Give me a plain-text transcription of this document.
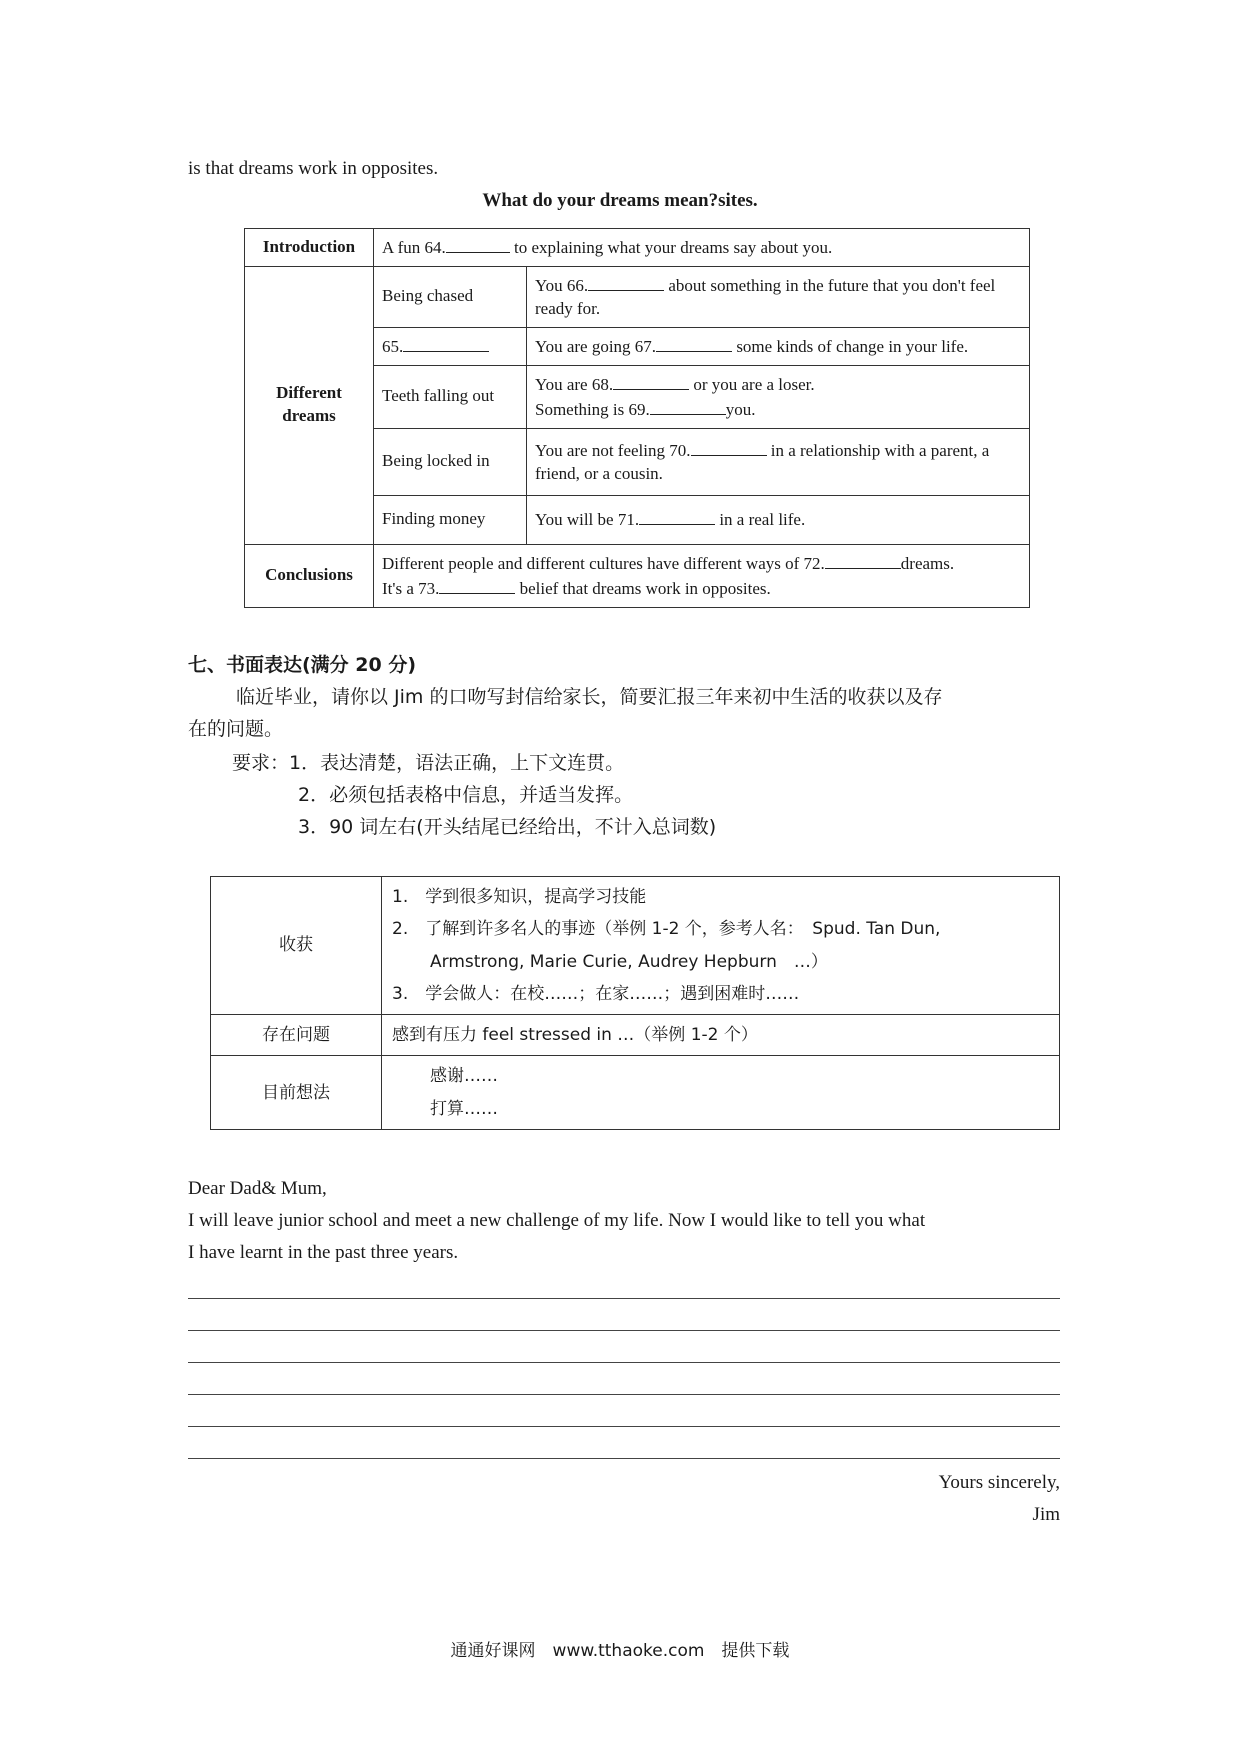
is that dreams work in opposites.
What do your dreams mean?sites.
Introduction	A fun 64. to explaining what your dreams say about you.	
Different dreams	Being chased	You 66. about something in the future that you don't feel ready for.
	65.	You are going 67. some kinds of change in your life.
	Teeth falling out	You are 68. or you are a loser.
Something is 69. you.
	Being locked in	You are not feeling 70. in a relationship with a parent, a friend, or a cousin.
	Finding money	You will be 71. in a real life.
Conclusions	Different people and different cultures have different ways of 72. dreams.
It's a 73. belief that dreams work in opposites.	
七、书面表达(满分 20 分)
临近毕业，请你以 Jim 的口吻写封信给家长，简要汇报三年来初中生活的收获以及存
在的问题。
要求：1．表达清楚，语法正确，上下文连贯。
2．必须包括表格中信息，并适当发挥。
3．90 词左右(开头结尾已经给出，不计入总词数)
收获	1.　学到很多知识，提高学习技能
2.　了解到许多名人的事迹（举例 1-2 个，参考人名：　Spud. Tan Dun,
Armstrong, Marie Curie, Audrey Hepburn　…）
3.　学会做人：在校……；在家……；遇到困难时……

存在问题	感到有压力 feel stressed in …（举例 1-2 个）
目前想法	感谢……
打算……
Dear Dad& Mum,
I will leave junior school and meet a new challenge of my life. Now I would like to tell you what
I have learnt in the past three years.
Yours sincerely,
Jim
通通好课网　www.tthaoke.com　提供下载
